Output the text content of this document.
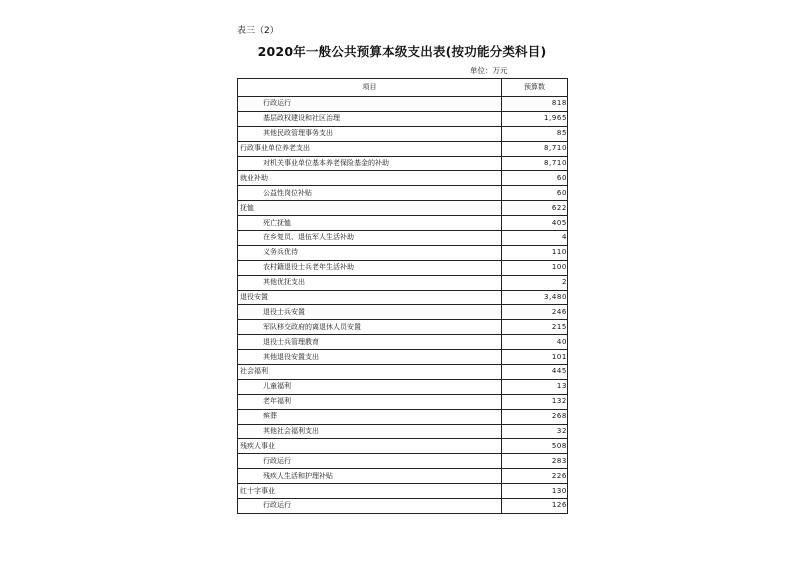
表三（2）
2020年一般公共预算本级支出表(按功能分类科目)
单位：万元
项目	预算数
行政运行	818
基层政权建设和社区治理	1,965
其他民政管理事务支出	85
行政事业单位养老支出	8,710
对机关事业单位基本养老保险基金的补助	8,710
就业补助	60
公益性岗位补贴	60
抚恤	622
死亡抚恤	405
在乡复员、退伍军人生活补助	4
义务兵优待	110
农村籍退役士兵老年生活补助	100
其他优抚支出	2
退役安置	3,480
退役士兵安置	246
军队移交政府的离退休人员安置	215
退役士兵管理教育	40
其他退役安置支出	101
社会福利	445
儿童福利	13
老年福利	132
殡葬	268
其他社会福利支出	32
残疾人事业	508
行政运行	283
残疾人生活和护理补贴	226
红十字事业	130
行政运行	126
